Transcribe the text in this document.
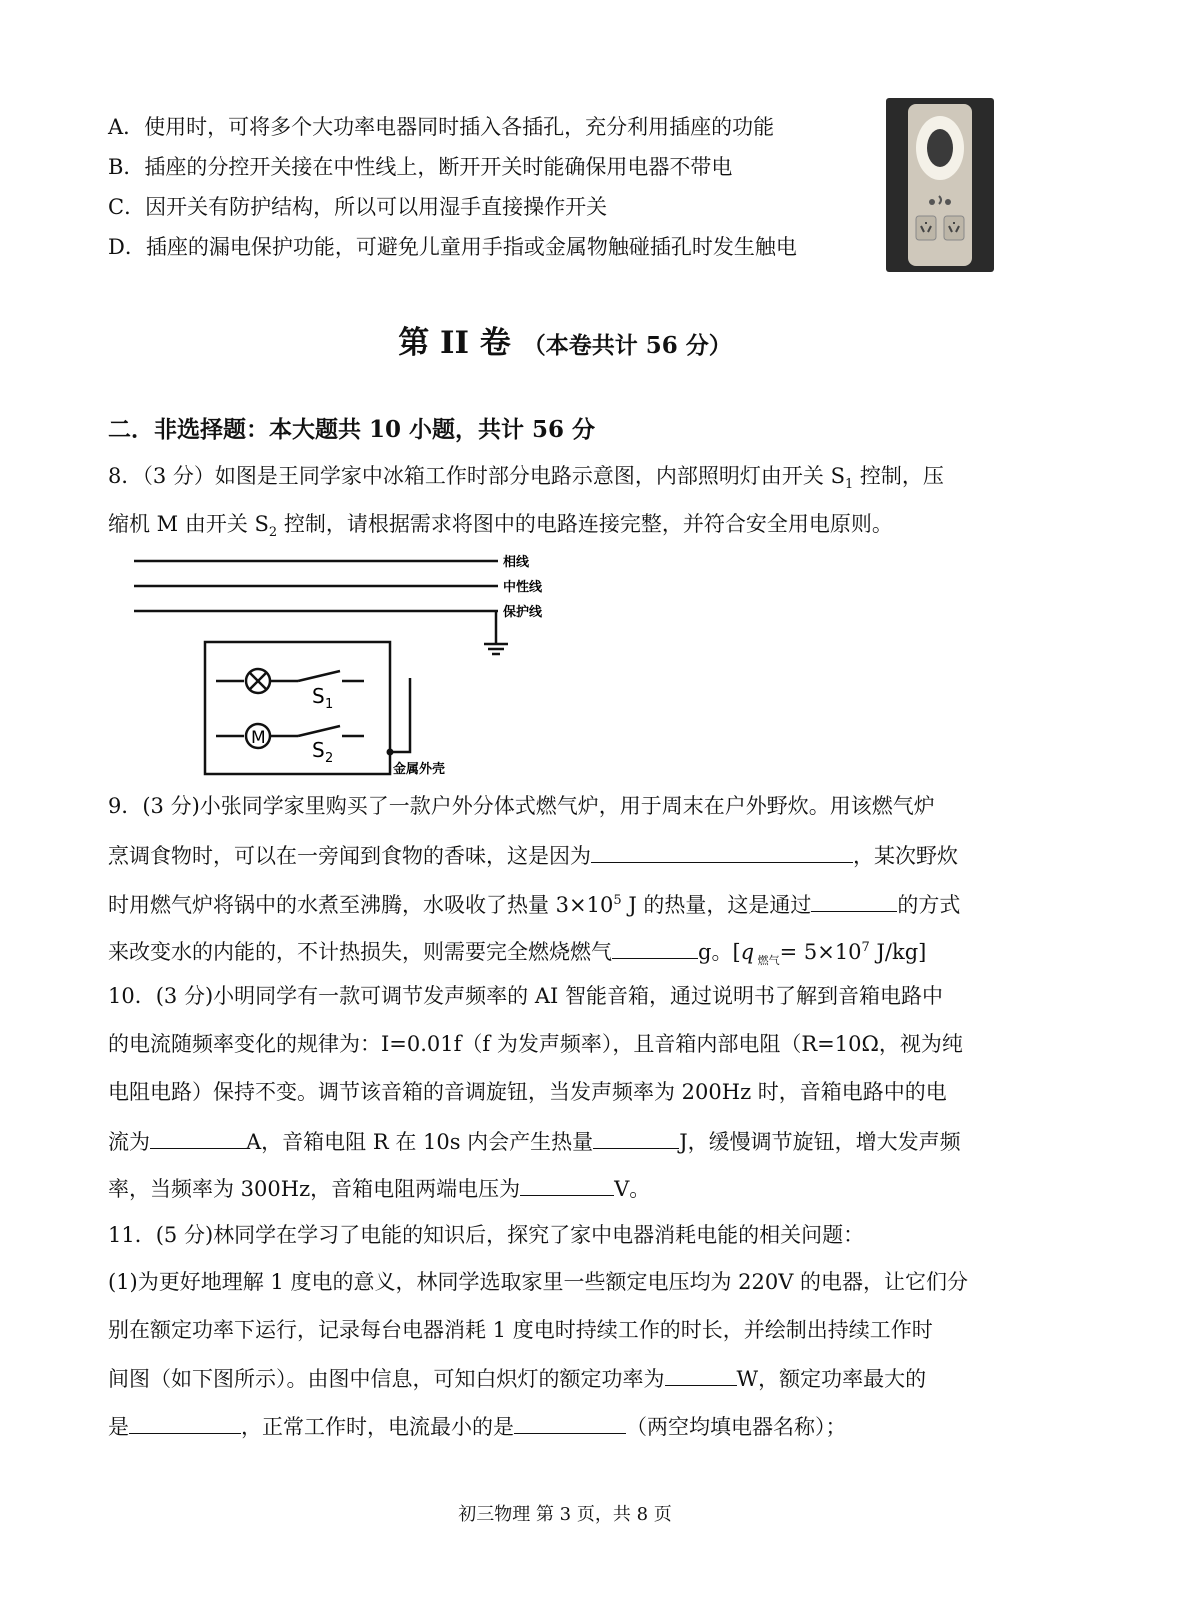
A．使用时，可将多个大功率电器同时插入各插孔，充分利用插座的功能
B．插座的分控开关接在中性线上，断开开关时能确保用电器不带电
C．因开关有防护结构，所以可以用湿手直接操作开关
D．插座的漏电保护功能，可避免儿童用手指或金属物触碰插孔时发生触电
第 II 卷 （本卷共计 56 分）
二．非选择题：本大题共 10 小题，共计 56 分
8．（3 分）如图是王同学家中冰箱工作时部分电路示意图，内部照明灯由开关 $S_1$ 控制，压
缩机 M 由开关 $S_2$ 控制，请根据需求将图中的电路连接完整，并符合安全用电原则。
相线
中性线
保护线
M
S 1
S 2
金属外壳
9．(3 分)小张同学家里购买了一款户外分体式燃气炉，用于周末在户外野炊。用该燃气炉
烹调食物时，可以在一旁闻到食物的香味，这是因为	，某次野炊
时用燃气炉将锅中的水煮至沸腾，水吸收了热量 $3\times 10^5$ J 的热量，这是通过	的方式
来改变水的内能的，不计热损失，则需要完全燃烧燃气	g。[q $_{燃气}= 5\times 10^7$ J/kg]
10．(3 分)小明同学有一款可调节发声频率的 AI 智能音箱，通过说明书了解到音箱电路中
的电流随频率变化的规律为：I=0.01f（f 为发声频率），且音箱内部电阻（R=10Ω，视为纯
电阻电路）保持不变。调节该音箱的音调旋钮，当发声频率为 200Hz 时，音箱电路中的电
流为	A，音箱电阻 R 在 10s 内会产生热量	J，缓慢调节旋钮，增大发声频
率，当频率为 300Hz，音箱电阻两端电压为	V。
11．(5 分)林同学在学习了电能的知识后，探究了家中电器消耗电能的相关问题：
(1)为更好地理解 1 度电的意义，林同学选取家里一些额定电压均为 220V 的电器，让它们分
别在额定功率下运行，记录每台电器消耗 1 度电时持续工作的时长，并绘制出持续工作时
间图（如下图所示）。由图中信息，可知白炽灯的额定功率为	W，额定功率最大的
是	，正常工作时，电流最小的是	（两空均填电器名称）；
初三物理 第 3 页，共 8 页
